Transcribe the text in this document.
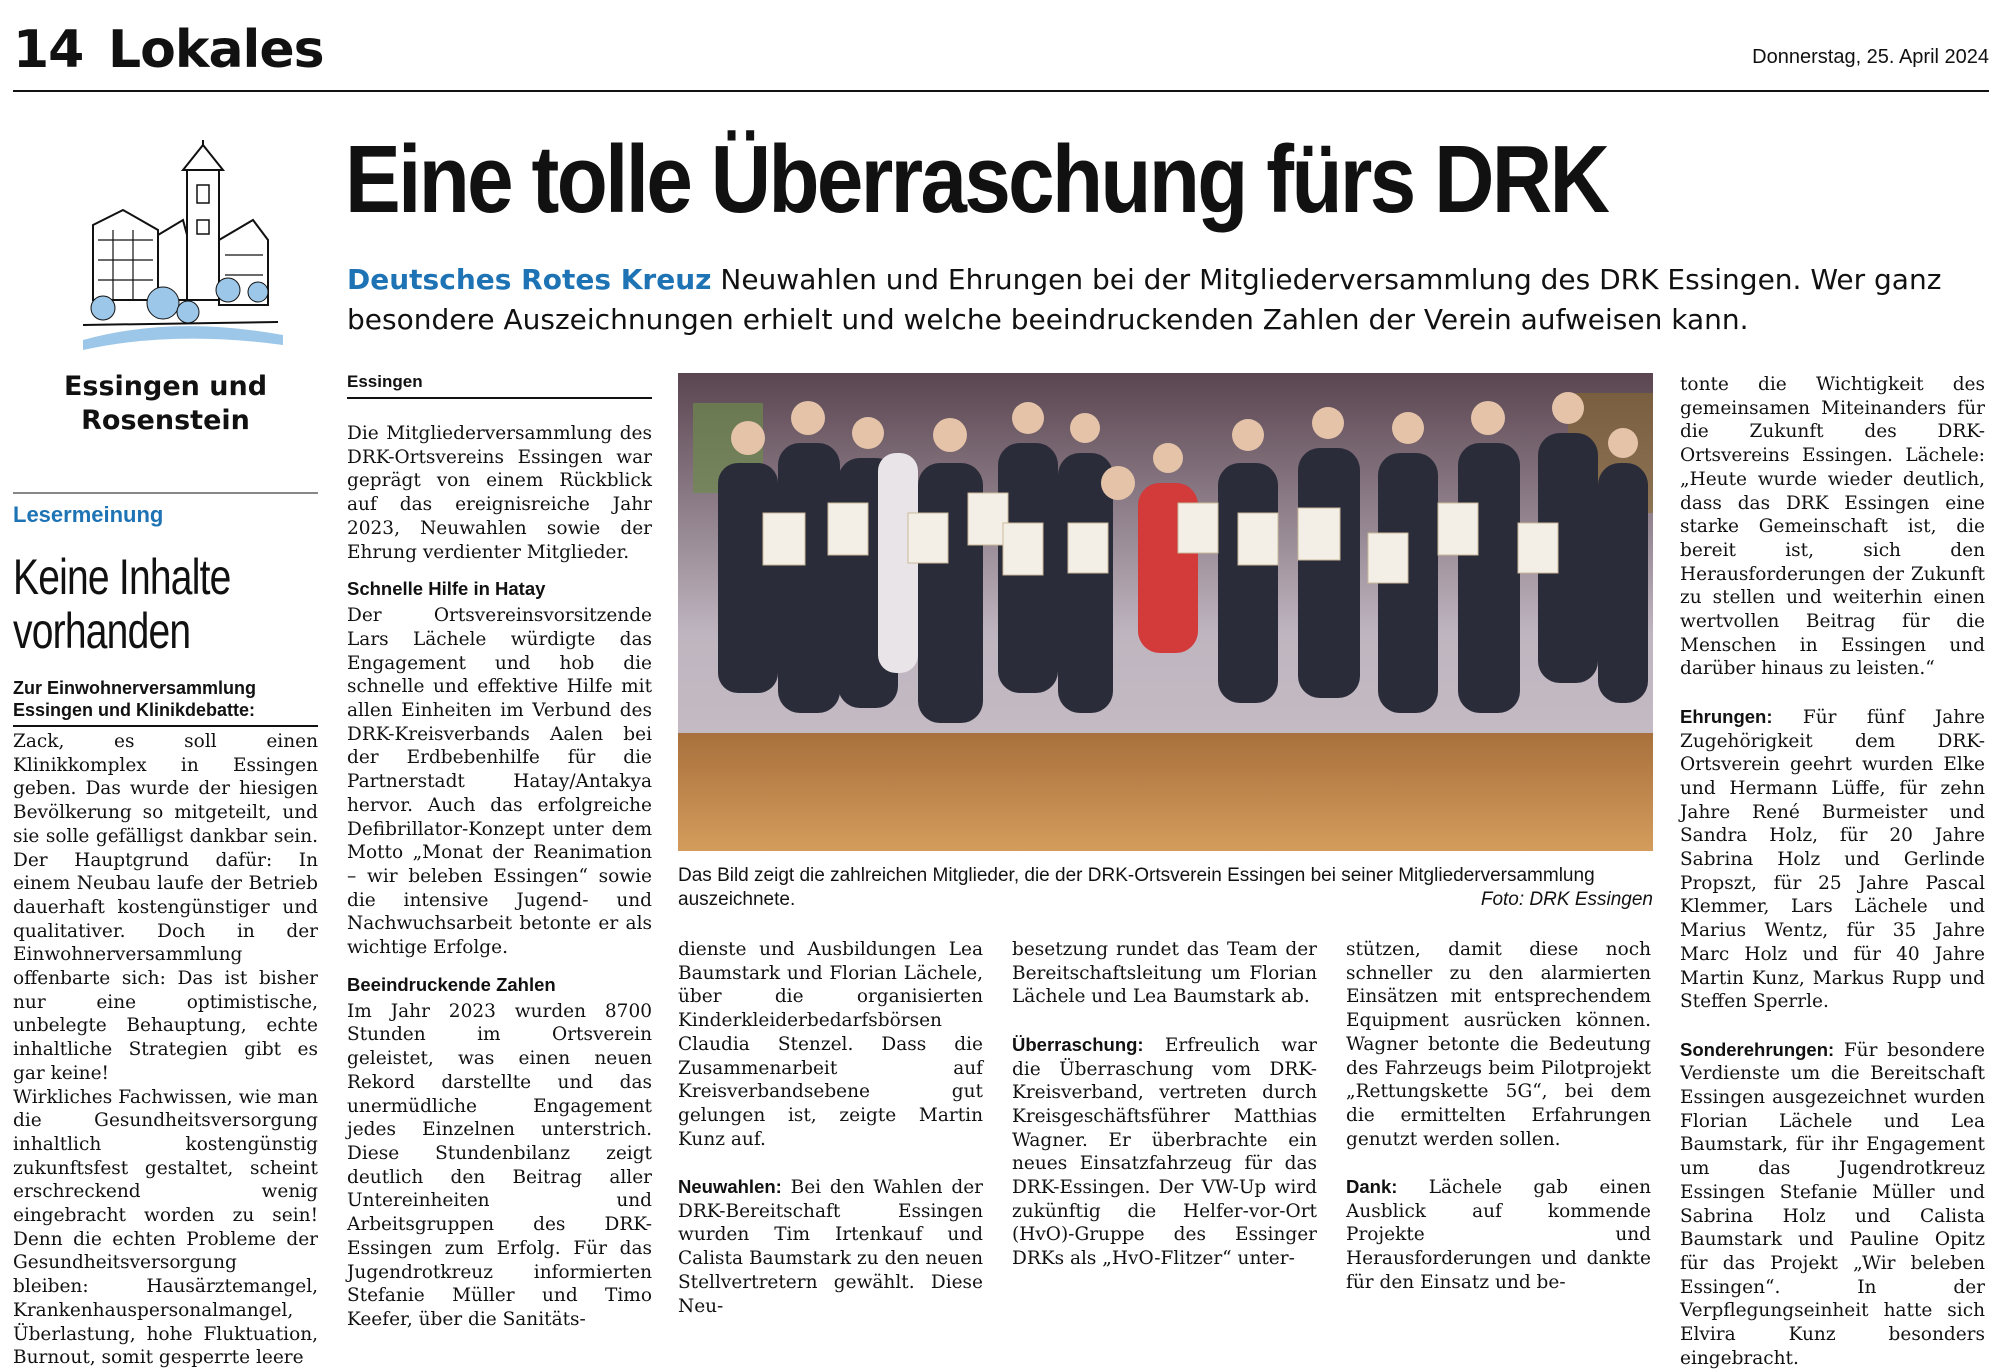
14 Lokales	Donnerstag, 25. April 2024
Essingen und
Rosenstein
Lesermeinung
Keine Inhalte
vorhanden
Zur Einwohnerversammlung Essingen und Klinikdebatte:

Zack, es soll einen Klinikkomplex in Essingen geben. Das wurde der hiesigen Bevölkerung so mitgeteilt, und sie solle gefälligst dankbar sein. Der Hauptgrund dafür: In einem Neubau laufe der Betrieb dauerhaft kostengünstiger und qualitativer. Doch in der Einwohnerversammlung offenbarte sich: Das ist bisher nur eine optimistische, unbelegte Behauptung, echte inhaltliche Strategien gibt es gar keine!

Wirkliches Fachwissen, wie man die Gesundheitsversorgung inhaltlich kostengünstig zukunftsfest gestaltet, scheint erschreckend wenig eingebracht worden zu sein! Denn die echten Probleme der Gesundheitsversorgung bleiben: Hausärztemangel, Krankenhauspersonalmangel, Überlastung, hohe Fluktuation, Burnout, somit gesperrte leere

Eine tolle Überraschung fürs DRK
Deutsches Rotes Kreuz Neuwahlen und Ehrungen bei der Mitgliederversammlung des DRK Essingen. Wer ganz besondere Auszeichnungen erhielt und welche beeindruckenden Zahlen der Verein aufweisen kann.
Essingen

Die Mitgliederversammlung des DRK-Ortsvereins Essingen war geprägt von einem Rückblick auf das ereignisreiche Jahr 2023, Neuwahlen sowie der Ehrung verdienter Mitglieder.

Schnelle Hilfe in Hatay

Der Ortsvereinsvorsitzende Lars Lächele würdigte das Engagement und hob die schnelle und effektive Hilfe mit allen Einheiten im Verbund des DRK-Kreisverbands Aalen bei der Erdbebenhilfe für die Partnerstadt Hatay/Antakya hervor. Auch das erfolgreiche Defibrillator-Konzept unter dem Motto „Monat der Reanimation – wir beleben Essingen“ sowie die intensive Jugend- und Nachwuchsarbeit betonte er als wichtige Erfolge.

Beeindruckende Zahlen

Im Jahr 2023 wurden 8700 Stunden im Ortsverein geleistet, was einen neuen Rekord darstellte und das unermüdliche Engagement jedes Einzelnen unterstrich. Diese Stundenbilanz zeigt deutlich den Beitrag aller Untereinheiten und Arbeitsgruppen des DRK-Essingen zum Erfolg. Für das Jugendrotkreuz informierten Stefanie Müller und Timo Keefer, über die Sanitäts-

Das Bild zeigt die zahlreichen Mitglieder, die der DRK-Ortsverein Essingen bei seiner Mitgliederversammlung auszeichnete.	Foto: DRK Essingen

dienste und Ausbildungen Lea Baumstark und Florian Lächele, über die organisierten Kinderkleiderbedarfsbörsen Claudia Stenzel. Dass die Zusammenarbeit auf Kreisverbandsebene gut gelungen ist, zeigte Martin Kunz auf.

Neuwahlen: Bei den Wahlen der DRK-Bereitschaft Essingen wurden Tim Irtenkauf und Calista Baumstark zu den neuen Stellvertretern gewählt. Diese Neu-

besetzung rundet das Team der Bereitschaftsleitung um Florian Lächele und Lea Baumstark ab.

Überraschung: Erfreulich war die Überraschung vom DRK-Kreisverband, vertreten durch Kreisgeschäftsführer Matthias Wagner. Er überbrachte ein neues Einsatzfahrzeug für das DRK-Essingen. Der VW-Up wird zukünftig die Helfer-vor-Ort (HvO)-Gruppe des Essinger DRKs als „HvO-Flitzer“ unter-

stützen, damit diese noch schneller zu den alarmierten Einsätzen mit entsprechendem Equipment ausrücken können. Wagner betonte die Bedeutung des Fahrzeugs beim Pilotprojekt „Rettungskette 5G“, bei dem die ermittelten Erfahrungen genutzt werden sollen.

Dank: Lächele gab einen Ausblick auf kommende Projekte und Herausforderungen und dankte für den Einsatz und be-

tonte die Wichtigkeit des gemeinsamen Miteinanders für die Zukunft des DRK-Ortsvereins Essingen. Lächele: „Heute wurde wieder deutlich, dass das DRK Essingen eine starke Gemeinschaft ist, die bereit ist, sich den Herausforderungen der Zukunft zu stellen und weiterhin einen wertvollen Beitrag für die Menschen in Essingen und darüber hinaus zu leisten.“

Ehrungen: Für fünf Jahre Zugehörigkeit dem DRK-Ortsverein geehrt wurden Elke und Hermann Lüffe, für zehn Jahre René Burmeister und Sandra Holz, für 20 Jahre Sabrina Holz und Gerlinde Propszt, für 25 Jahre Pascal Klemmer, Lars Lächele und Marius Wentz, für 35 Jahre Marc Holz und für 40 Jahre Martin Kunz, Markus Rupp und Steffen Sperrle.

Sonderehrungen: Für besondere Verdienste um die Bereitschaft Essingen ausgezeichnet wurden Florian Lächele und Lea Baumstark, für ihr Engagement um das Jugendrotkreuz Essingen Stefanie Müller und Sabrina Holz und Calista Baumstark und Pauline Opitz für das Projekt „Wir beleben Essingen“. In der Verpflegungseinheit hatte sich Elvira Kunz besonders eingebracht.
